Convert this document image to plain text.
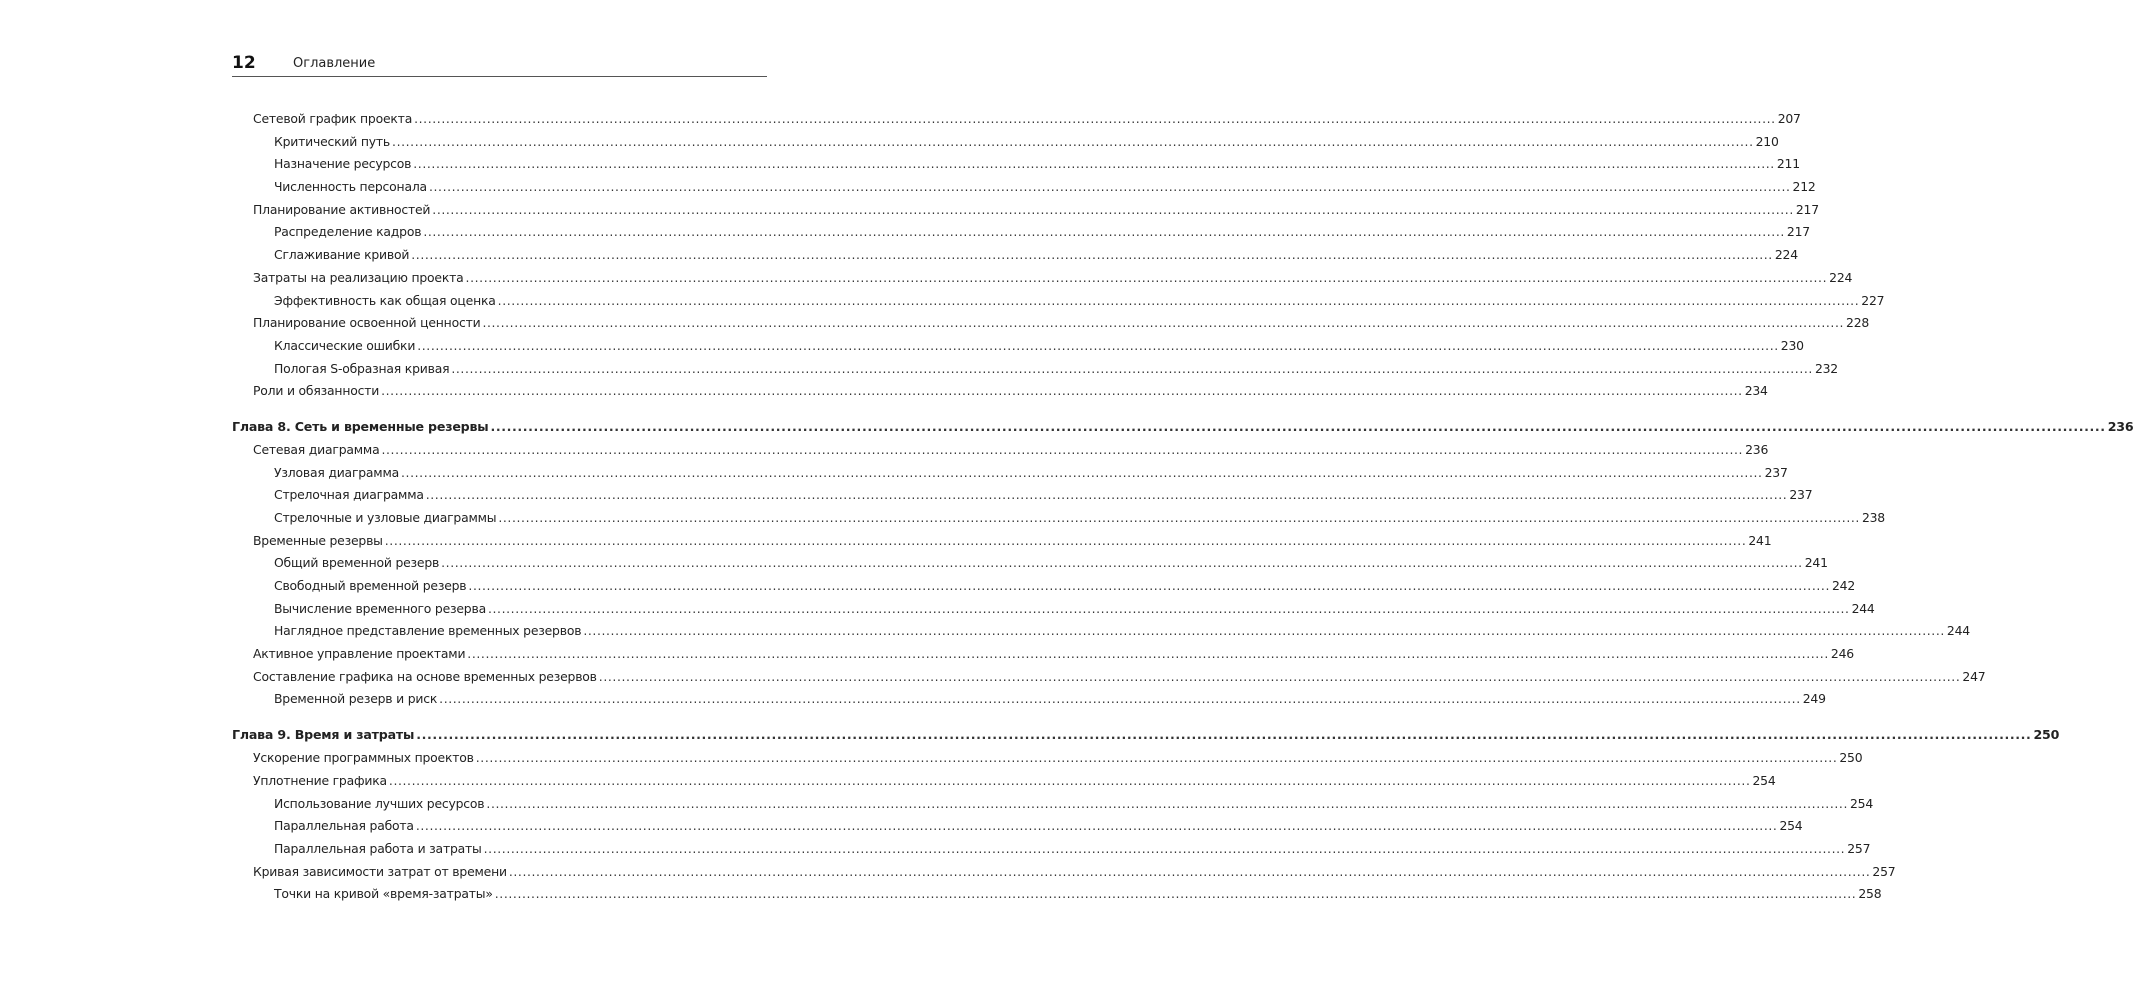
12	Оглавление
Сетевой график проекта ............................................................................................................................................................................................................................................................................................................ 207
Критический путь ............................................................................................................................................................................................................................................................................................................ 210
Назначение ресурсов ............................................................................................................................................................................................................................................................................................................ 211
Численность персонала ............................................................................................................................................................................................................................................................................................................ 212
Планирование активностей ............................................................................................................................................................................................................................................................................................................ 217
Распределение кадров ............................................................................................................................................................................................................................................................................................................ 217
Сглаживание кривой ............................................................................................................................................................................................................................................................................................................ 224
Затраты на реализацию проекта ............................................................................................................................................................................................................................................................................................................ 224
Эффективность как общая оценка ............................................................................................................................................................................................................................................................................................................ 227
Планирование освоенной ценности ............................................................................................................................................................................................................................................................................................................ 228
Классические ошибки ............................................................................................................................................................................................................................................................................................................ 230
Пологая S-образная кривая ............................................................................................................................................................................................................................................................................................................ 232
Роли и обязанности ............................................................................................................................................................................................................................................................................................................ 234
Глава 8. Сеть и временные резервы ............................................................................................................................................................................................................................................................................................................ 236
Сетевая диаграмма ............................................................................................................................................................................................................................................................................................................ 236
Узловая диаграмма ............................................................................................................................................................................................................................................................................................................ 237
Стрелочная диаграмма ............................................................................................................................................................................................................................................................................................................ 237
Стрелочные и узловые диаграммы ............................................................................................................................................................................................................................................................................................................ 238
Временные резервы ............................................................................................................................................................................................................................................................................................................ 241
Общий временной резерв ............................................................................................................................................................................................................................................................................................................ 241
Свободный временной резерв ............................................................................................................................................................................................................................................................................................................ 242
Вычисление временного резерва ............................................................................................................................................................................................................................................................................................................ 244
Наглядное представление временных резервов ............................................................................................................................................................................................................................................................................................................ 244
Активное управление проектами ............................................................................................................................................................................................................................................................................................................ 246
Составление графика на основе временных резервов ............................................................................................................................................................................................................................................................................................................ 247
Временной резерв и риск ............................................................................................................................................................................................................................................................................................................ 249
Глава 9. Время и затраты ............................................................................................................................................................................................................................................................................................................ 250
Ускорение программных проектов ............................................................................................................................................................................................................................................................................................................ 250
Уплотнение графика ............................................................................................................................................................................................................................................................................................................ 254
Использование лучших ресурсов ............................................................................................................................................................................................................................................................................................................ 254
Параллельная работа ............................................................................................................................................................................................................................................................................................................ 254
Параллельная работа и затраты ............................................................................................................................................................................................................................................................................................................ 257
Кривая зависимости затрат от времени ............................................................................................................................................................................................................................................................................................................ 257
Точки на кривой «время-затраты» ............................................................................................................................................................................................................................................................................................................ 258
